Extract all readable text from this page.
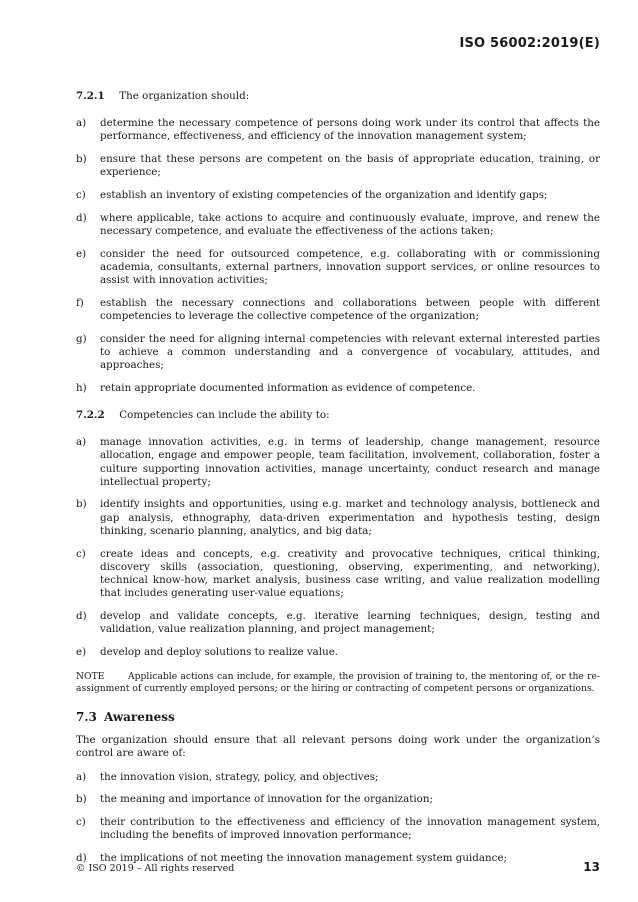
ISO 56002:2019(E)
7.2.1 The organization should:
a)	determine the necessary competence of persons doing work under its control that affects the performance, effectiveness, and efficiency of the innovation management system;
b)	ensure that these persons are competent on the basis of appropriate education, training, or experience;
c)	establish an inventory of existing competencies of the organization and identify gaps;
d)	where applicable, take actions to acquire and continuously evaluate, improve, and renew the necessary competence, and evaluate the effectiveness of the actions taken;
e)	consider the need for outsourced competence, e.g. collaborating with or commissioning academia, consultants, external partners, innovation support services, or online resources to assist with innovation activities;
f)	establish the necessary connections and collaborations between people with different competencies to leverage the collective competence of the organization;
g)	consider the need for aligning internal competencies with relevant external interested parties to achieve a common understanding and a convergence of vocabulary, attitudes, and approaches;
h)	retain appropriate documented information as evidence of competence.
7.2.2 Competencies can include the ability to:
a)	manage innovation activities, e.g. in terms of leadership, change management, resource allocation, engage and empower people, team facilitation, involvement, collaboration, foster a culture supporting innovation activities, manage uncertainty, conduct research and manage intellectual property;
b)	identify insights and opportunities, using e.g. market and technology analysis, bottleneck and gap analysis, ethnography, data-driven experimentation and hypothesis testing, design thinking, scenario planning, analytics, and big data;
c)	create ideas and concepts, e.g. creativity and provocative techniques, critical thinking, discovery skills (association, questioning, observing, experimenting, and networking), technical know-how, market analysis, business case writing, and value realization modelling that includes generating user-value equations;
d)	develop and validate concepts, e.g. iterative learning techniques, design, testing and validation, value realization planning, and project management;
e)	develop and deploy solutions to realize value.
NOTE	Applicable actions can include, for example, the provision of training to, the mentoring of, or the re-assignment of currently employed persons; or the hiring or contracting of competent persons or organizations.
7.3 Awareness
The organization should ensure that all relevant persons doing work under the organization’s control are aware of:
a)	the innovation vision, strategy, policy, and objectives;
b)	the meaning and importance of innovation for the organization;
c)	their contribution to the effectiveness and efficiency of the innovation management system, including the benefits of improved innovation performance;
d)	the implications of not meeting the innovation management system guidance;
© ISO 2019 – All rights reserved	13
